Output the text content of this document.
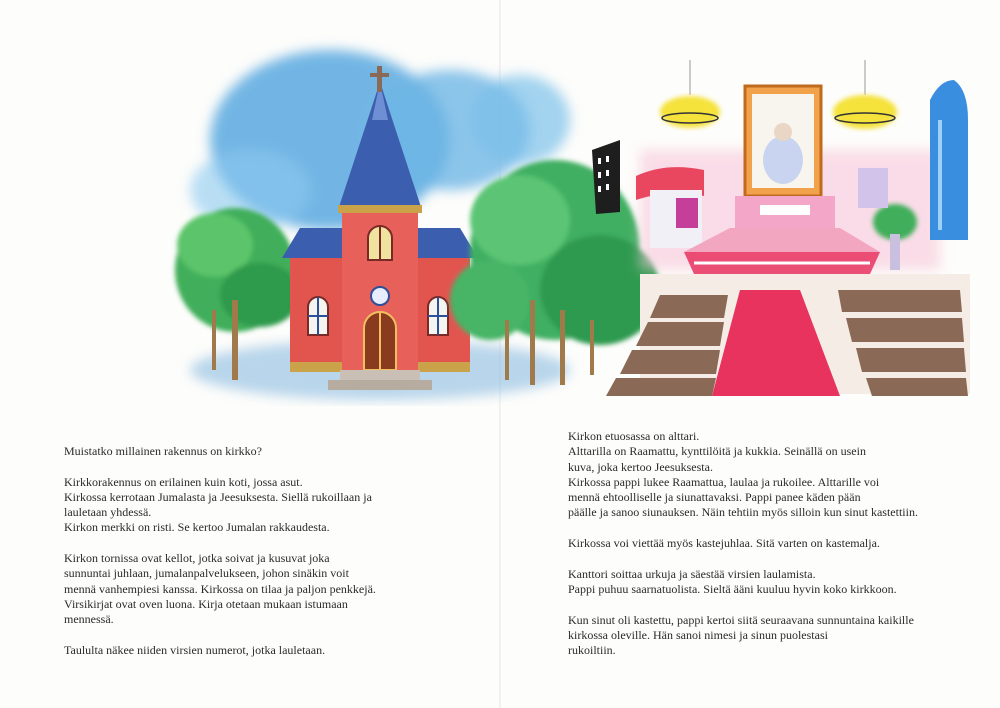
Muistatko millainen rakennus on kirkko?

Kirkkorakennus on erilainen kuin koti, jossa asut.
Kirkossa kerrotaan Jumalasta ja Jeesuksesta. Siellä rukoillaan ja
lauletaan yhdessä.
Kirkon merkki on risti. Se kertoo Jumalan rakkaudesta.

Kirkon tornissa ovat kellot, jotka soivat ja kusuvat joka
sunnuntai juhlaan, jumalanpalvelukseen, johon sinäkin voit
mennä vanhempiesi kanssa. Kirkossa on tilaa ja paljon penkkejä.
Virsikirjat ovat oven luona. Kirja otetaan mukaan istumaan
mennessä.

Taululta näkee niiden virsien numerot, jotka lauletaan.

Kirkon etuosassa on alttari.
Alttarilla on Raamattu, kynttilöitä ja kukkia. Seinällä on usein
kuva, joka kertoo Jeesuksesta.
Kirkossa pappi lukee Raamattua, laulaa ja rukoilee. Alttarille voi
mennä ehtoolliselle ja siunattavaksi. Pappi panee käden pään
päälle ja sanoo siunauksen. Näin tehtiin myös silloin kun sinut kastettiin.

Kirkossa voi viettää myös kastejuhlaa. Sitä varten on kastemalja.

Kanttori soittaa urkuja ja säestää virsien laulamista.
Pappi puhuu saarnatuolista. Sieltä ääni kuuluu hyvin koko kirkkoon.

Kun sinut oli kastettu, pappi kertoi siitä seuraavana sunnuntaina kaikille
kirkossa oleville. Hän sanoi nimesi ja sinun puolestasi
rukoiltiin.
